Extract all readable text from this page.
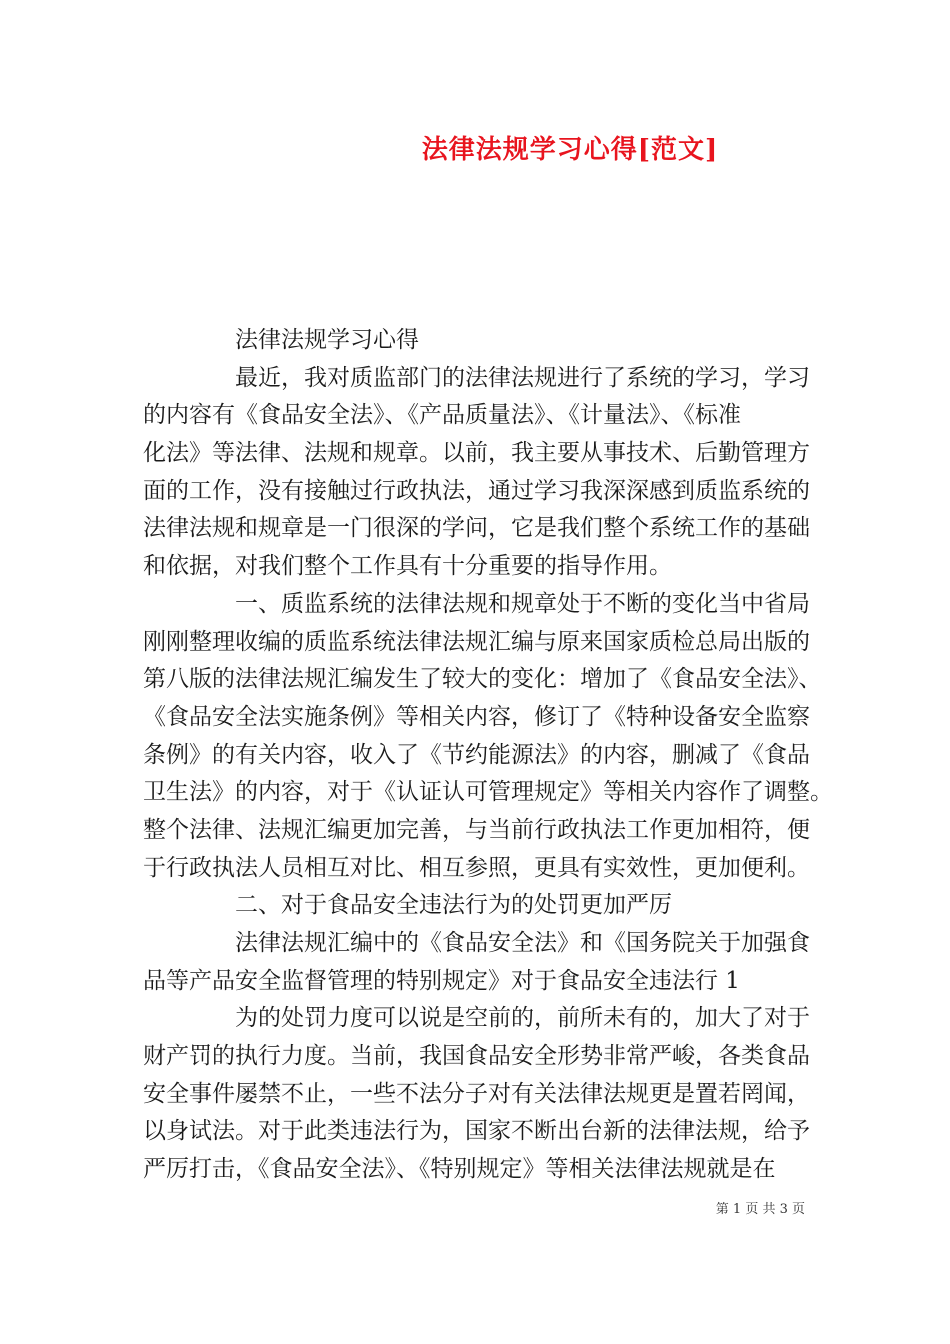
法律法规学习心得[范文]
法律法规学习心得
最近，我对质监部门的法律法规进行了系统的学习，学习
的内容有《食品安全法》、《产品质量法》、《计量法》、《标准
化法》等法律、法规和规章。以前，我主要从事技术、后勤管理方
面的工作，没有接触过行政执法，通过学习我深深感到质监系统的
法律法规和规章是一门很深的学问，它是我们整个系统工作的基础
和依据，对我们整个工作具有十分重要的指导作用。
一、质监系统的法律法规和规章处于不断的变化当中省局
刚刚整理收编的质监系统法律法规汇编与原来国家质检总局出版的
第八版的法律法规汇编发生了较大的变化：增加了《食品安全法》、
《食品安全法实施条例》等相关内容，修订了《特种设备安全监察
条例》的有关内容，收入了《节约能源法》的内容，删减了《食品
卫生法》的内容，对于《认证认可管理规定》等相关内容作了调整。
整个法律、法规汇编更加完善，与当前行政执法工作更加相符，便
于行政执法人员相互对比、相互参照，更具有实效性，更加便利。
二、对于食品安全违法行为的处罚更加严厉
法律法规汇编中的《食品安全法》和《国务院关于加强食
品等产品安全监督管理的特别规定》对于食品安全违法行 1
为的处罚力度可以说是空前的，前所未有的，加大了对于
财产罚的执行力度。当前，我国食品安全形势非常严峻，各类食品
安全事件屡禁不止，一些不法分子对有关法律法规更是置若罔闻，
以身试法。对于此类违法行为，国家不断出台新的法律法规，给予
严厉打击，《食品安全法》、《特别规定》等相关法律法规就是在
第 1 页 共 3 页
